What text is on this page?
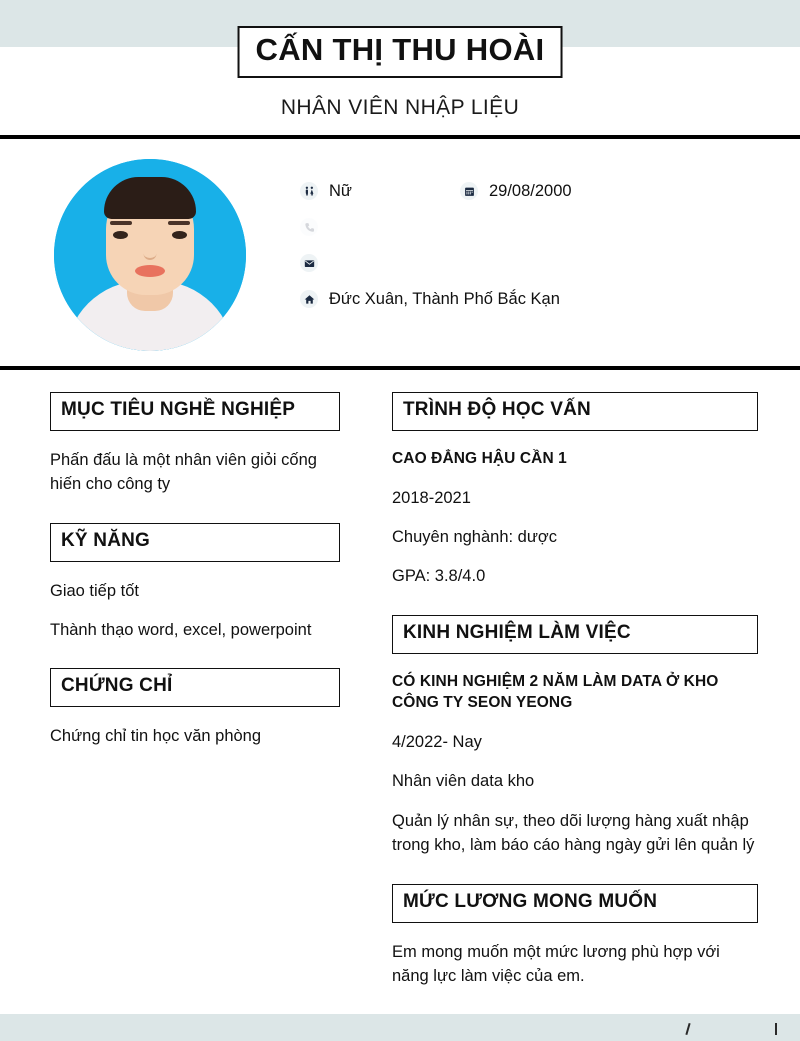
CẤN THỊ THU HOÀI
NHÂN VIÊN NHẬP LIỆU
Nữ	29/08/2000
Đức Xuân, Thành Phố Bắc Kạn
MỤC TIÊU NGHỀ NGHIỆP

Phấn đấu là một nhân viên giỏi cống hiến cho công ty

KỸ NĂNG

Giao tiếp tốt

Thành thạo word, excel, powerpoint

CHỨNG CHỈ

Chứng chỉ tin học văn phòng

TRÌNH ĐỘ HỌC VẤN
CAO ĐẲNG HẬU CẦN 1

2018-2021

Chuyên nghành: dược

GPA: 3.8/4.0

KINH NGHIỆM LÀM VIỆC
CÓ KINH NGHIỆM 2 NĂM LÀM DATA Ở KHO CÔNG TY SEON YEONG

4/2022- Nay

Nhân viên data kho

Quản lý nhân sự, theo dõi lượng hàng xuất nhập trong kho, làm báo cáo hàng ngày gửi lên quản lý

MỨC LƯƠNG MONG MUỐN

Em mong muốn một mức lương phù hợp với năng lực làm việc của em.
